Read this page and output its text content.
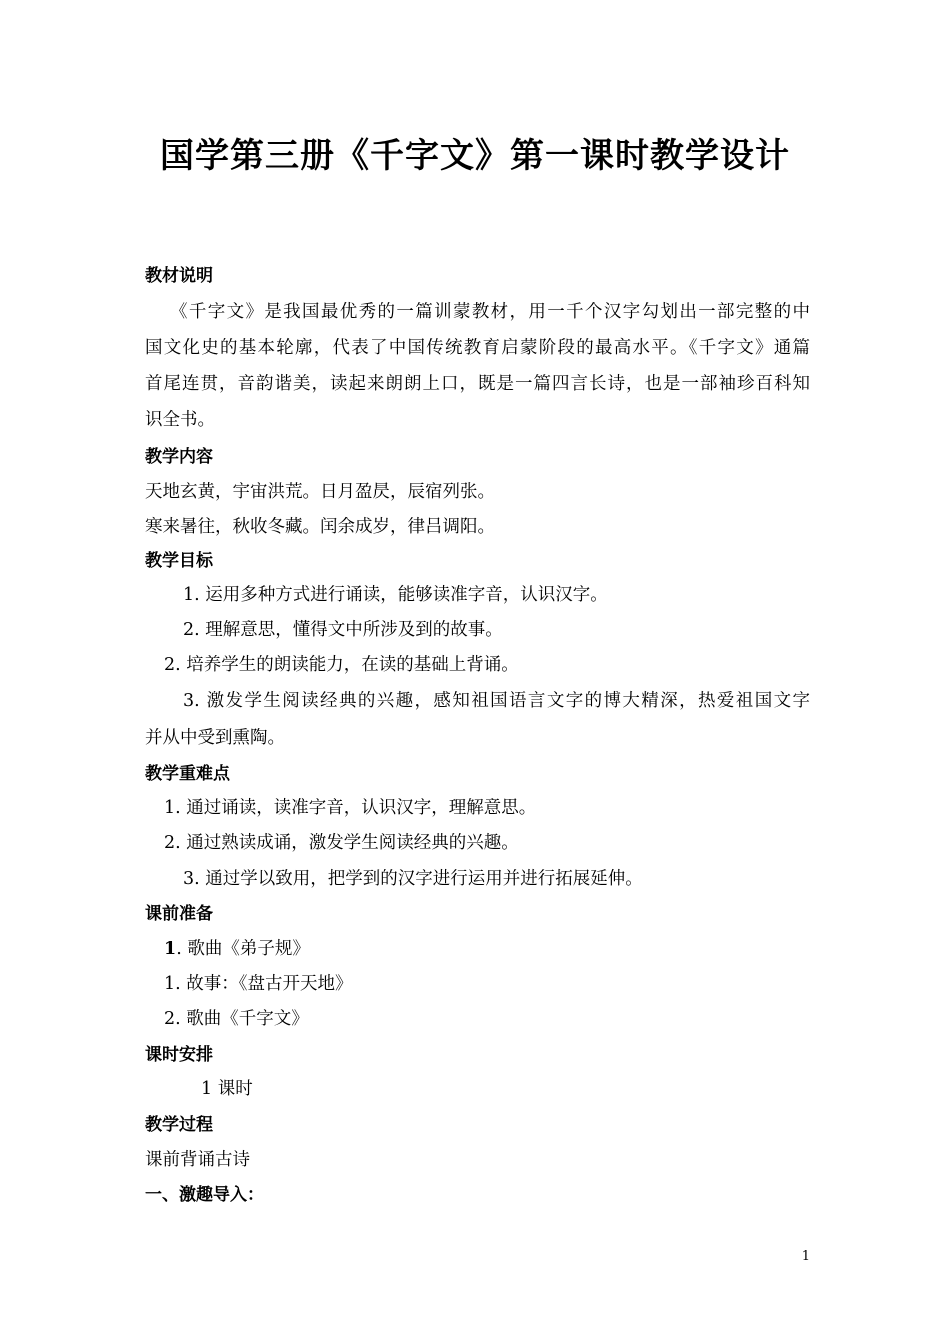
国学第三册《千字文》第一课时教学设计
教材说明
《千字文》是我国最优秀的一篇训蒙教材，用一千个汉字勾划出一部完整的中
国文化史的基本轮廓，代表了中国传统教育启蒙阶段的最高水平。《千字文》通篇
首尾连贯，音韵谐美，读起来朗朗上口，既是一篇四言长诗，也是一部袖珍百科知
识全书。
教学内容
天地玄黄，宇宙洪荒。日月盈昃，辰宿列张。
寒来暑往，秋收冬藏。闰余成岁，律吕调阳。
教学目标
1. 运用多种方式进行诵读，能够读准字音，认识汉字。
2. 理解意思，懂得文中所涉及到的故事。
2. 培养学生的朗读能力，在读的基础上背诵。
3. 激发学生阅读经典的兴趣，感知祖国语言文字的博大精深，热爱祖国文字
并从中受到熏陶。
教学重难点
1. 通过诵读，读准字音，认识汉字，理解意思。
2. 通过熟读成诵，激发学生阅读经典的兴趣。
3. 通过学以致用，把学到的汉字进行运用并进行拓展延伸。
课前准备
1. 歌曲《弟子规》
1. 故事：《盘古开天地》
2. 歌曲《千字文》
课时安排
1 课时
教学过程
课前背诵古诗
一、激趣导入：
1
